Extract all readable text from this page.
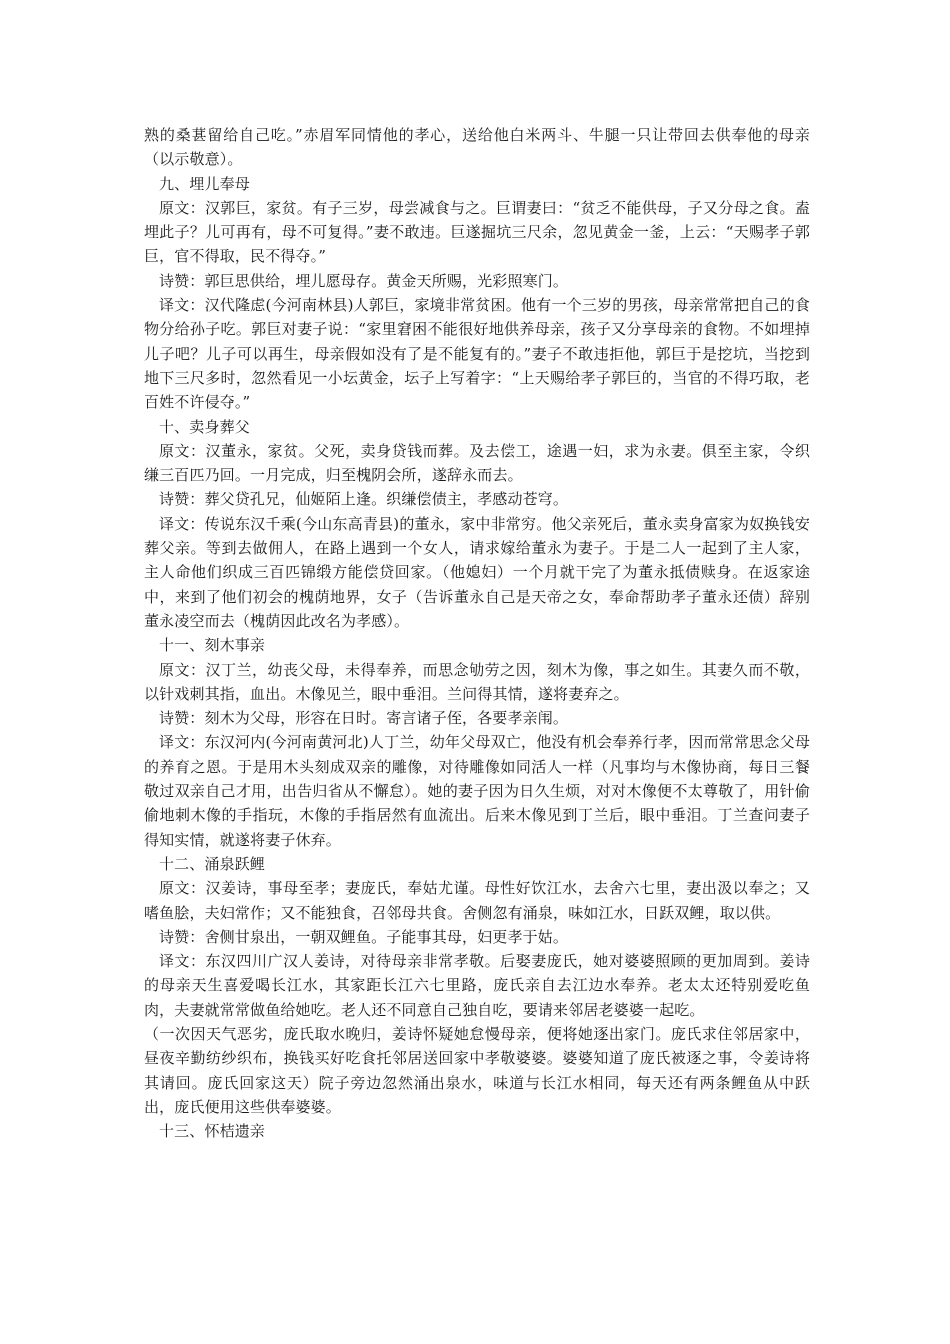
熟的桑葚留给自己吃。”赤眉军同情他的孝心，送给他白米两斗、牛腿一只让带回去供奉他的母亲（以示敬意）。

九、埋儿奉母

原文：汉郭巨，家贫。有子三岁，母尝减食与之。巨谓妻曰：“贫乏不能供母，子又分母之食。盍埋此子？儿可再有，母不可复得。”妻不敢违。巨遂掘坑三尺余，忽见黄金一釜，上云：“天赐孝子郭巨，官不得取，民不得夺。”

诗赞：郭巨思供给，埋儿愿母存。黄金天所赐，光彩照寒门。

译文：汉代隆虑(今河南林县)人郭巨，家境非常贫困。他有一个三岁的男孩，母亲常常把自己的食物分给孙子吃。郭巨对妻子说：“家里窘困不能很好地供养母亲，孩子又分享母亲的食物。不如埋掉儿子吧？儿子可以再生，母亲假如没有了是不能复有的。”妻子不敢违拒他，郭巨于是挖坑，当挖到地下三尺多时，忽然看见一小坛黄金，坛子上写着字：“上天赐给孝子郭巨的，当官的不得巧取，老百姓不许侵夺。”

十、卖身葬父

原文：汉董永，家贫。父死，卖身贷钱而葬。及去偿工，途遇一妇，求为永妻。俱至主家，令织缣三百匹乃回。一月完成，归至槐阴会所，遂辞永而去。

诗赞：葬父贷孔兄，仙姬陌上逢。织缣偿债主，孝感动苍穹。

译文：传说东汉千乘(今山东高青县)的董永，家中非常穷。他父亲死后，董永卖身富家为奴换钱安葬父亲。等到去做佣人，在路上遇到一个女人，请求嫁给董永为妻子。于是二人一起到了主人家，主人命他们织成三百匹锦缎方能偿贷回家。（他媳妇）一个月就干完了为董永抵债赎身。在返家途中，来到了他们初会的槐荫地界，女子（告诉董永自己是天帝之女，奉命帮助孝子董永还债）辞别董永凌空而去（槐荫因此改名为孝感）。

十一、刻木事亲

原文：汉丁兰，幼丧父母，未得奉养，而思念劬劳之因，刻木为像，事之如生。其妻久而不敬，以针戏刺其指，血出。木像见兰，眼中垂泪。兰问得其情，遂将妻弃之。

诗赞：刻木为父母，形容在日时。寄言诸子侄，各要孝亲闱。

译文：东汉河内(今河南黄河北)人丁兰，幼年父母双亡，他没有机会奉养行孝，因而常常思念父母的养育之恩。于是用木头刻成双亲的雕像，对待雕像如同活人一样（凡事均与木像协商，每日三餐敬过双亲自己才用，出告归省从不懈怠）。她的妻子因为日久生烦，对对木像便不太尊敬了，用针偷偷地刺木像的手指玩，木像的手指居然有血流出。后来木像见到丁兰后，眼中垂泪。丁兰查问妻子得知实情，就遂将妻子休弃。

十二、涌泉跃鲤

原文：汉姜诗，事母至孝；妻庞氏，奉姑尤谨。母性好饮江水，去舍六七里，妻出汲以奉之；又嗜鱼脍，夫妇常作；又不能独食，召邻母共食。舍侧忽有涌泉，味如江水，日跃双鲤，取以供。

诗赞：舍侧甘泉出，一朝双鲤鱼。子能事其母，妇更孝于姑。

译文：东汉四川广汉人姜诗，对待母亲非常孝敬。后娶妻庞氏，她对婆婆照顾的更加周到。姜诗的母亲天生喜爱喝长江水，其家距长江六七里路，庞氏亲自去江边水奉养。老太太还特别爱吃鱼肉，夫妻就常常做鱼给她吃。老人还不同意自己独自吃，要请来邻居老婆婆一起吃。

（一次因天气恶劣，庞氏取水晚归，姜诗怀疑她怠慢母亲，便将她逐出家门。庞氏求住邻居家中，昼夜辛勤纺纱织布，换钱买好吃食托邻居送回家中孝敬婆婆。婆婆知道了庞氏被逐之事，令姜诗将其请回。庞氏回家这天）院子旁边忽然涌出泉水，味道与长江水相同，每天还有两条鲤鱼从中跃出，庞氏便用这些供奉婆婆。

十三、怀桔遗亲
